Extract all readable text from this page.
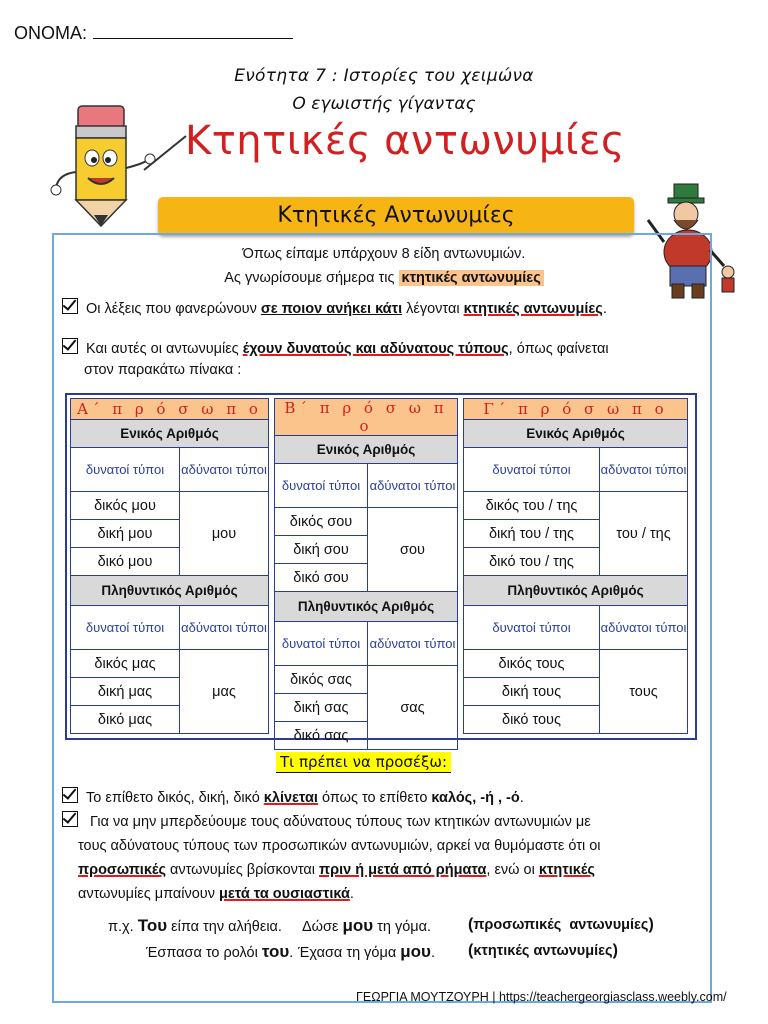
ΟΝΟΜΑ:
Ενότητα 7 : Ιστορίες του χειμώνα
Ο εγωιστής γίγαντας
Κτητικές αντωνυμίες
Κτητικές Αντωνυμίες
Όπως είπαμε υπάρχουν 8 είδη αντωνυμιών.
Ας γνωρίσουμε σήμερα τις κτητικές αντωνυμίες
Οι λέξεις που φανερώνουν σε ποιον ανήκει κάτι λέγονται κτητικές αντωνυμίες.
Και αυτές οι αντωνυμίες έχουν δυνατούς και αδύνατους τύπους, όπως φαίνεται
στον παρακάτω πίνακα :
Α΄ π ρ ό σ ω π ο	
Ενικός Αριθμός	
δυνατοί τύποι	αδύνατοι τύποι
δικός μου	μου
δική μου	
δικό μου	
Πληθυντικός Αριθμός	
δυνατοί τύποι	αδύνατοι τύποι
δικός μας	μας
δική μας	
δικό μας	
Β΄ π ρ ό σ ω π ο	
Ενικός Αριθμός	
δυνατοί τύποι	αδύνατοι τύποι
δικός σου	σου
δική σου	
δικό σου	
Πληθυντικός Αριθμός	
δυνατοί τύποι	αδύνατοι τύποι
δικός σας	σας
δική σας	
δικό σας	
Γ΄ π ρ ό σ ω π ο	
Ενικός Αριθμός	
δυνατοί τύποι	αδύνατοι τύποι
δικός του / της	του / της
δική του / της	
δικό του / της	
Πληθυντικός Αριθμός	
δυνατοί τύποι	αδύνατοι τύποι
δικός τους	τους
δική τους	
δικό τους	
Τι πρέπει να προσέξω:
Το επίθετο δικός, δική, δικό κλίνεται όπως το επίθετο καλός, -ή , -ό.
Για να μην μπερδεύουμε τους αδύνατους τύπους των κτητικών αντωνυμιών με
τους αδύνατους τύπους των προσωπικών αντωνυμιών, αρκεί να θυμόμαστε ότι οι
προσωπικές αντωνυμίες βρίσκονται πριν ή μετά από ρήματα, ενώ οι κτητικές
αντωνυμίες μπαίνουν μετά τα ουσιαστικά.
π.χ. Του είπα την αλήθεια. Δώσε μου τη γόμα. (προσωπικές αντωνυμίες)
Έσπασα το ρολόι του. Έχασα τη γόμα μου. (κτητικές αντωνυμίες)
ΓΕΩΡΓΙΑ ΜΟΥΤΖΟΥΡΗ | https://teachergeorgiasclass.weebly.com/
